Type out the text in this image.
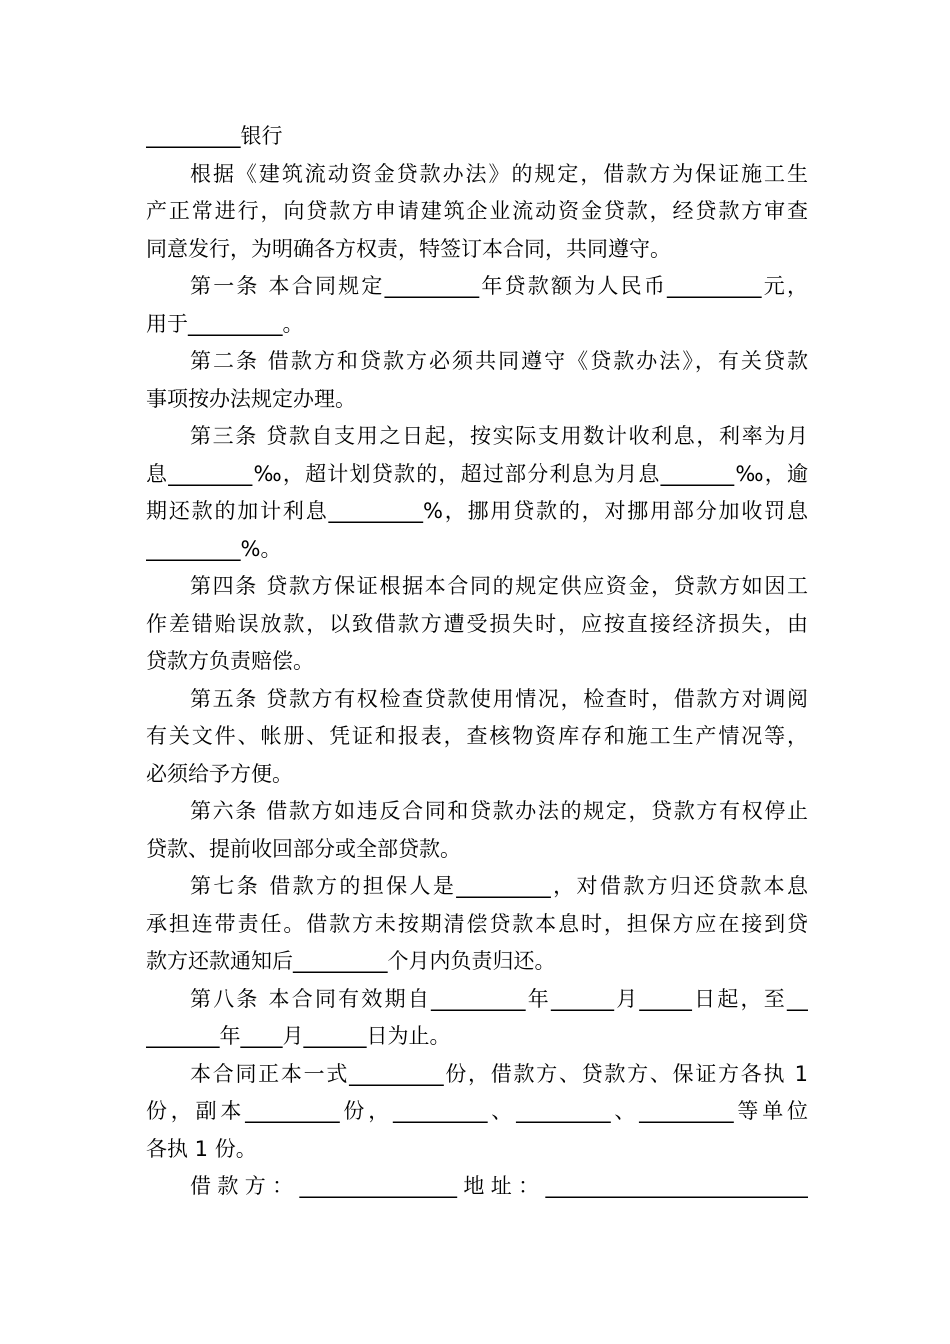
_________银行
根据《建筑流动资金贷款办法》的规定，借款方为保证施工生
产正常进行，向贷款方申请建筑企业流动资金贷款，经贷款方审查
同意发行，为明确各方权责，特签订本合同，共同遵守。
第一条 本合同规定_________年贷款额为人民币_________元，
用于_________。
第二条 借款方和贷款方必须共同遵守《贷款办法》，有关贷款
事项按办法规定办理。
第三条 贷款自支用之日起，按实际支用数计收利息，利率为月
息________‰，超计划贷款的，超过部分利息为月息_______‰，逾
期还款的加计利息_________%，挪用贷款的，对挪用部分加收罚息
_________%。
第四条 贷款方保证根据本合同的规定供应资金，贷款方如因工
作差错贻误放款，以致借款方遭受损失时，应按直接经济损失，由
贷款方负责赔偿。
第五条 贷款方有权检查贷款使用情况，检查时，借款方对调阅
有关文件、帐册、凭证和报表，查核物资库存和施工生产情况等，
必须给予方便。
第六条 借款方如违反合同和贷款办法的规定，贷款方有权停止
贷款、提前收回部分或全部贷款。
第七条 借款方的担保人是_________，对借款方归还贷款本息
承担连带责任。借款方未按期清偿贷款本息时，担保方应在接到贷
款方还款通知后_________个月内负责归还。
第八条 本合同有效期自_________年______月_____日起，至__
_______年____月______日为止。
本合同正本一式_________份，借款方、贷款方、保证方各执 1
份，副本_________份，_________、_________、_________等单位
各执 1 份。
借款方：_______________地址：_________________________
